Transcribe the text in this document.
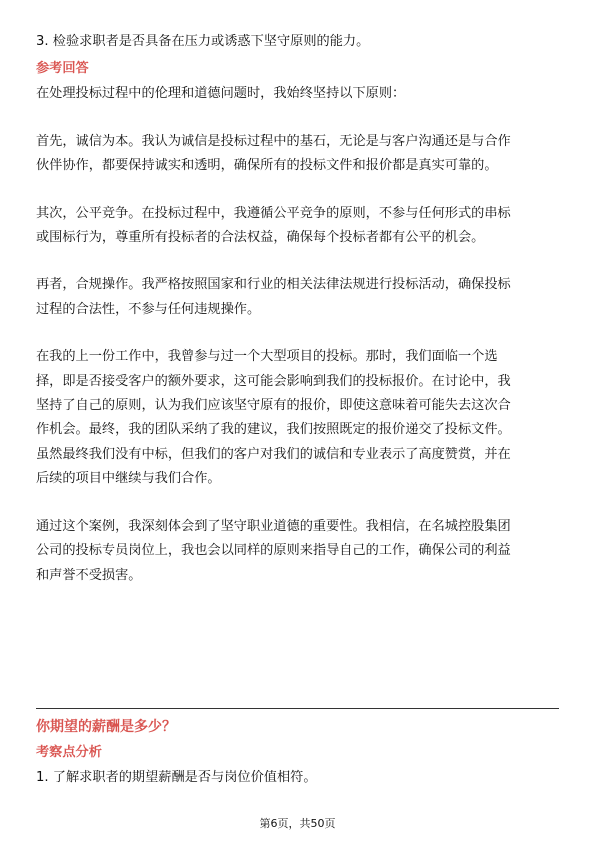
3. 检验求职者是否具备在压力或诱惑下坚守原则的能力。

参考回答

在处理投标过程中的伦理和道德问题时，我始终坚持以下原则：

首先，诚信为本。我认为诚信是投标过程中的基石，无论是与客户沟通还是与合作

伙伴协作，都要保持诚实和透明，确保所有的投标文件和报价都是真实可靠的。

其次，公平竞争。在投标过程中，我遵循公平竞争的原则，不参与任何形式的串标

或围标行为，尊重所有投标者的合法权益，确保每个投标者都有公平的机会。

再者，合规操作。我严格按照国家和行业的相关法律法规进行投标活动，确保投标

过程的合法性，不参与任何违规操作。

在我的上一份工作中，我曾参与过一个大型项目的投标。那时，我们面临一个选

择，即是否接受客户的额外要求，这可能会影响到我们的投标报价。在讨论中，我

坚持了自己的原则，认为我们应该坚守原有的报价，即使这意味着可能失去这次合

作机会。最终，我的团队采纳了我的建议，我们按照既定的报价递交了投标文件。

虽然最终我们没有中标，但我们的客户对我们的诚信和专业表示了高度赞赏，并在

后续的项目中继续与我们合作。

通过这个案例，我深刻体会到了坚守职业道德的重要性。我相信，在名城控股集团

公司的投标专员岗位上，我也会以同样的原则来指导自己的工作，确保公司的利益

和声誉不受损害。

你期望的薪酬是多少？
考察点分析

1. 了解求职者的期望薪酬是否与岗位价值相符。

第6页，共50页
